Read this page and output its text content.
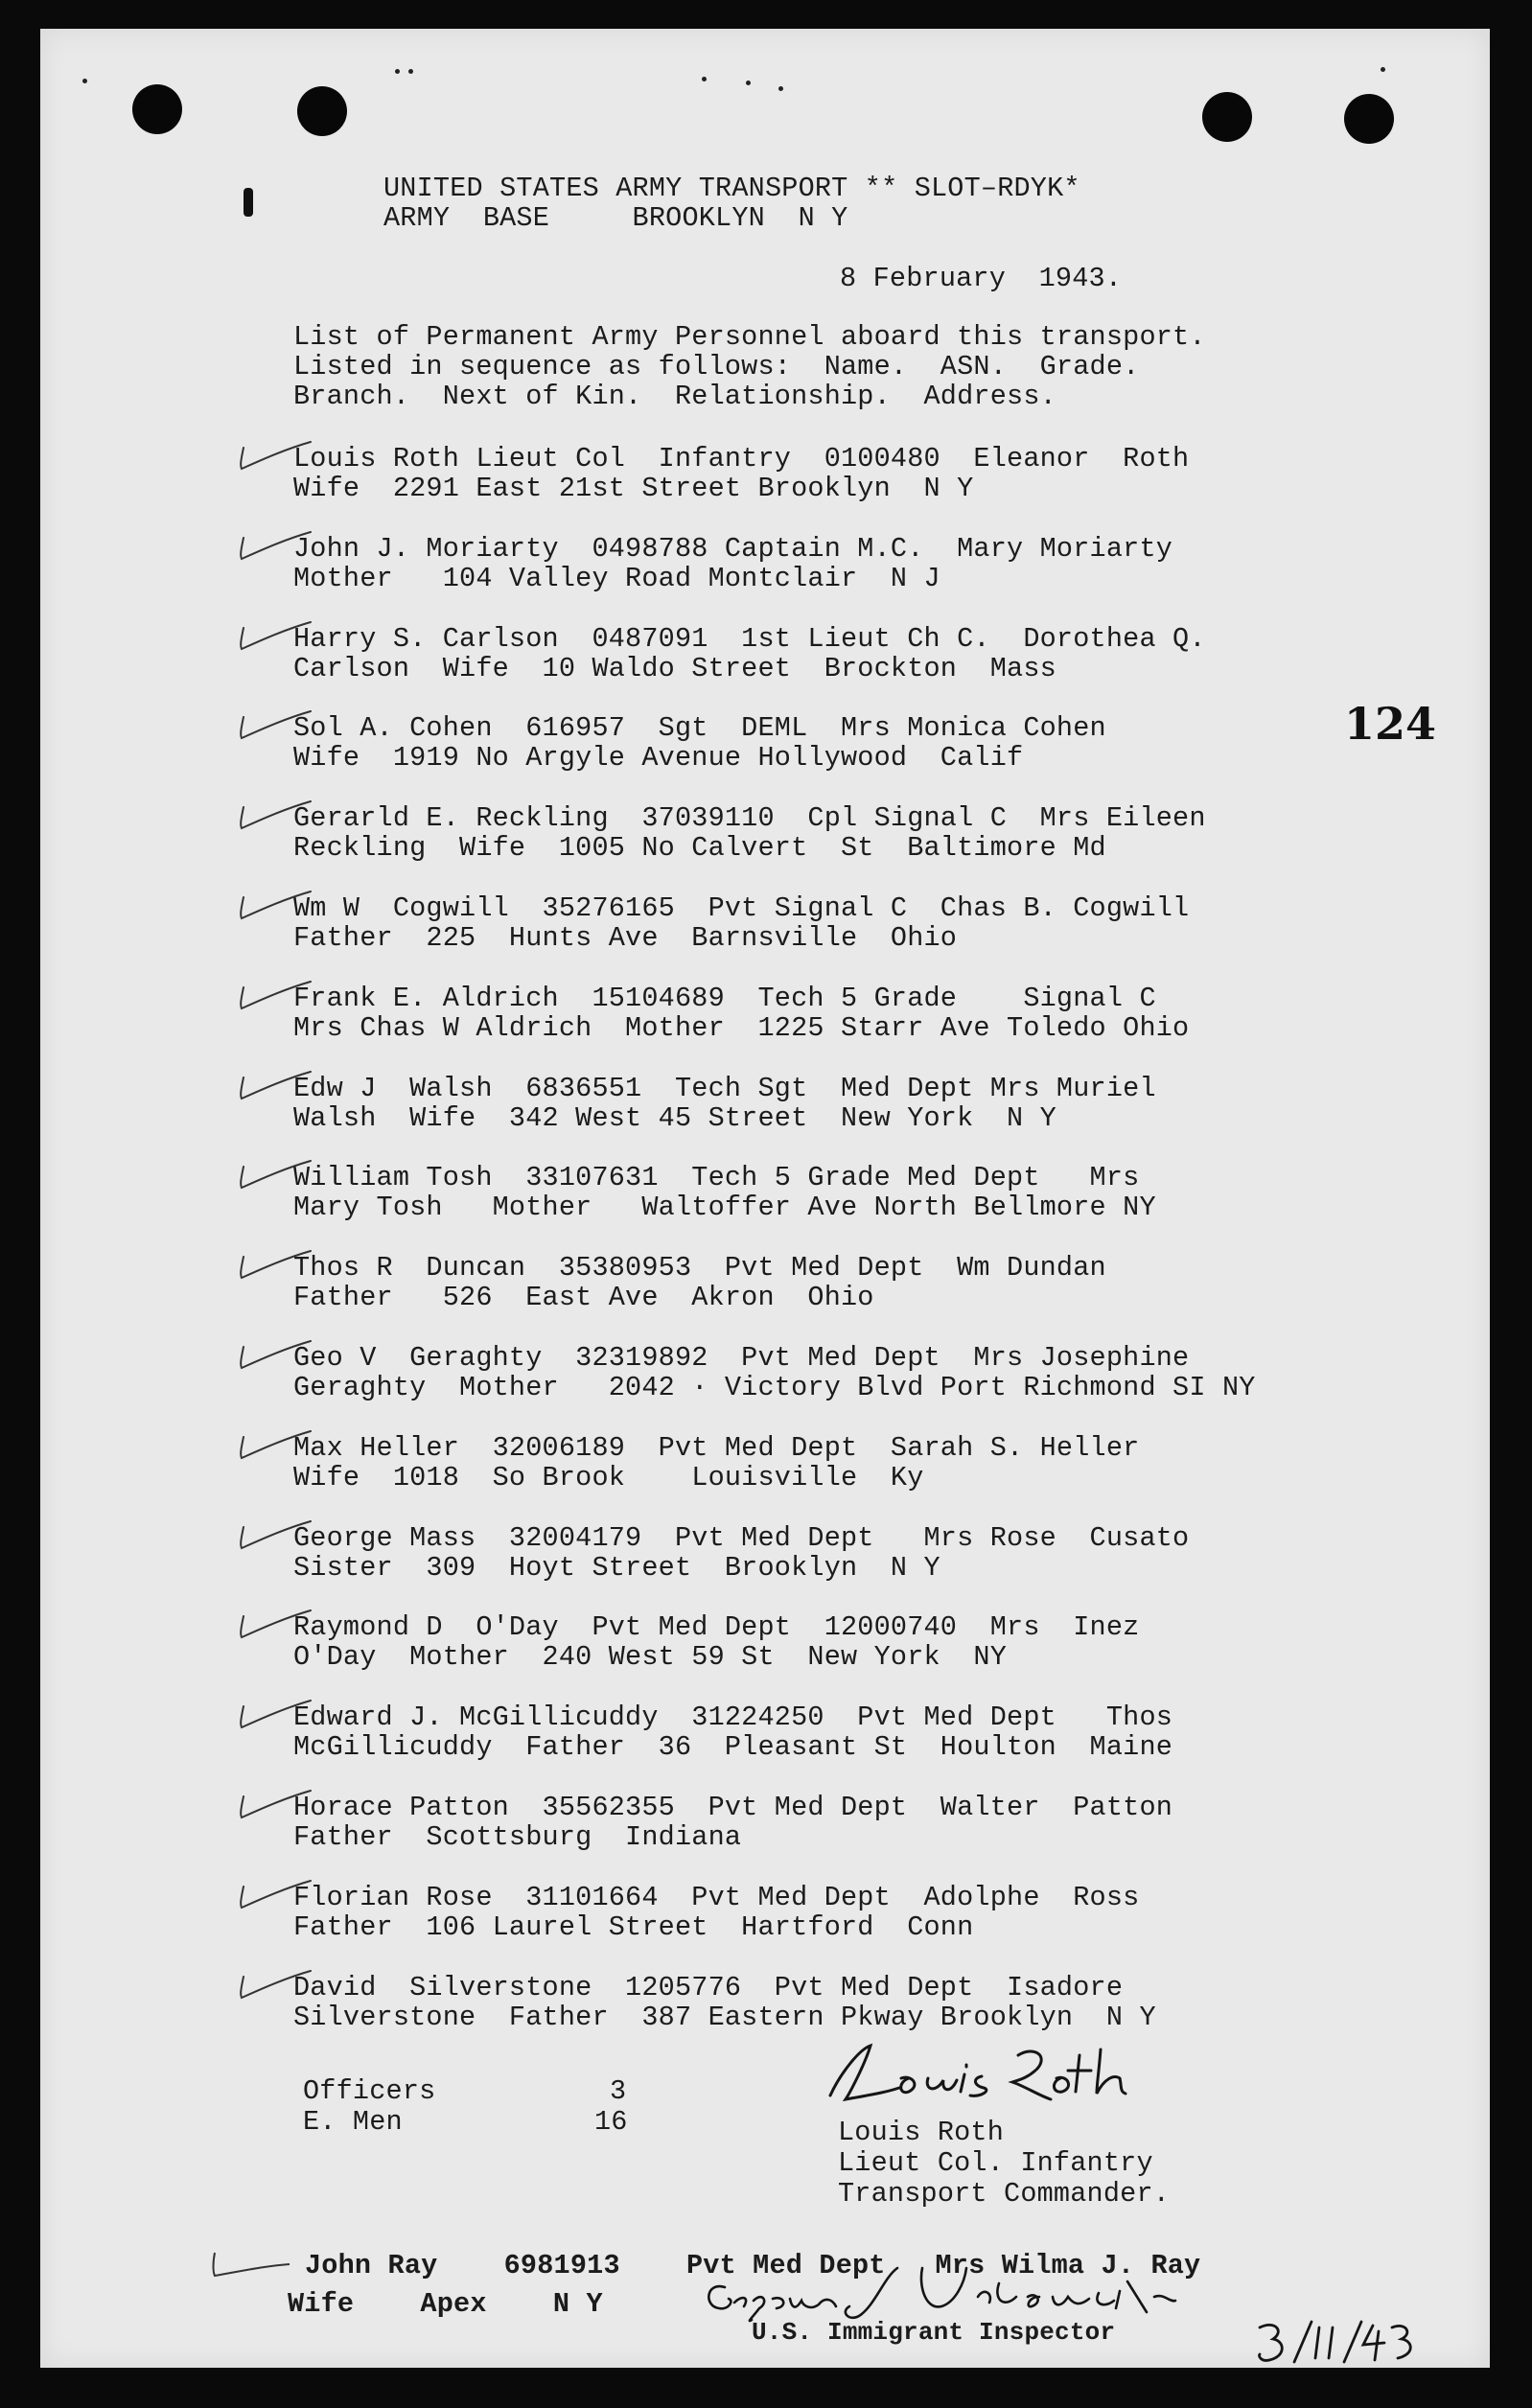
UNITED STATES ARMY TRANSPORT ** SLOT–RDYK*
ARMY  BASE     BROOKLYN  N Y
8 February  1943.
List of Permanent Army Personnel aboard this transport.
Listed in sequence as follows:  Name.  ASN.  Grade.
Branch.  Next of Kin.  Relationship.  Address.
124
Louis Roth Lieut Col  Infantry  0100480  Eleanor  Roth
Wife  2291 East 21st Street Brooklyn  N Y
John J. Moriarty  0498788 Captain M.C.  Mary Moriarty
Mother   104 Valley Road Montclair  N J
Harry S. Carlson  0487091  1st Lieut Ch C.  Dorothea Q.
Carlson  Wife  10 Waldo Street  Brockton  Mass
Sol A. Cohen  616957  Sgt  DEML  Mrs Monica Cohen
Wife  1919 No Argyle Avenue Hollywood  Calif
Gerarld E. Reckling  37039110  Cpl Signal C  Mrs Eileen
Reckling  Wife  1005 No Calvert  St  Baltimore Md
Wm W  Cogwill  35276165  Pvt Signal C  Chas B. Cogwill
Father  225  Hunts Ave  Barnsville  Ohio
Frank E. Aldrich  15104689  Tech 5 Grade    Signal C
Mrs Chas W Aldrich  Mother  1225 Starr Ave Toledo Ohio
Edw J  Walsh  6836551  Tech Sgt  Med Dept Mrs Muriel
Walsh  Wife  342 West 45 Street  New York  N Y
William Tosh  33107631  Tech 5 Grade Med Dept   Mrs
Mary Tosh   Mother   Waltoffer Ave North Bellmore NY
Thos R  Duncan  35380953  Pvt Med Dept  Wm Dundan
Father   526  East Ave  Akron  Ohio
Geo V  Geraghty  32319892  Pvt Med Dept  Mrs Josephine
Geraghty  Mother   2042 · Victory Blvd Port Richmond SI NY
Max Heller  32006189  Pvt Med Dept  Sarah S. Heller
Wife  1018  So Brook    Louisville  Ky
George Mass  32004179  Pvt Med Dept   Mrs Rose  Cusato
Sister  309  Hoyt Street  Brooklyn  N Y
Raymond D  O'Day  Pvt Med Dept  12000740  Mrs  Inez
O'Day  Mother  240 West 59 St  New York  NY
Edward J. McGillicuddy  31224250  Pvt Med Dept   Thos
McGillicuddy  Father  36  Pleasant St  Houlton  Maine
Horace Patton  35562355  Pvt Med Dept  Walter  Patton
Father  Scottsburg  Indiana
Florian Rose  31101664  Pvt Med Dept  Adolphe  Ross
Father  106 Laurel Street  Hartford  Conn
David  Silverstone  1205776  Pvt Med Dept  Isadore
Silverstone  Father  387 Eastern Pkway Brooklyn  N Y
Officers	3
E. Men	16	Louis Roth
Lieut Col. Infantry
Transport Commander.
John Ray    6981913    Pvt Med Dept   Mrs Wilma J. Ray
Wife    Apex    N Y
U.S. Immigrant Inspector
